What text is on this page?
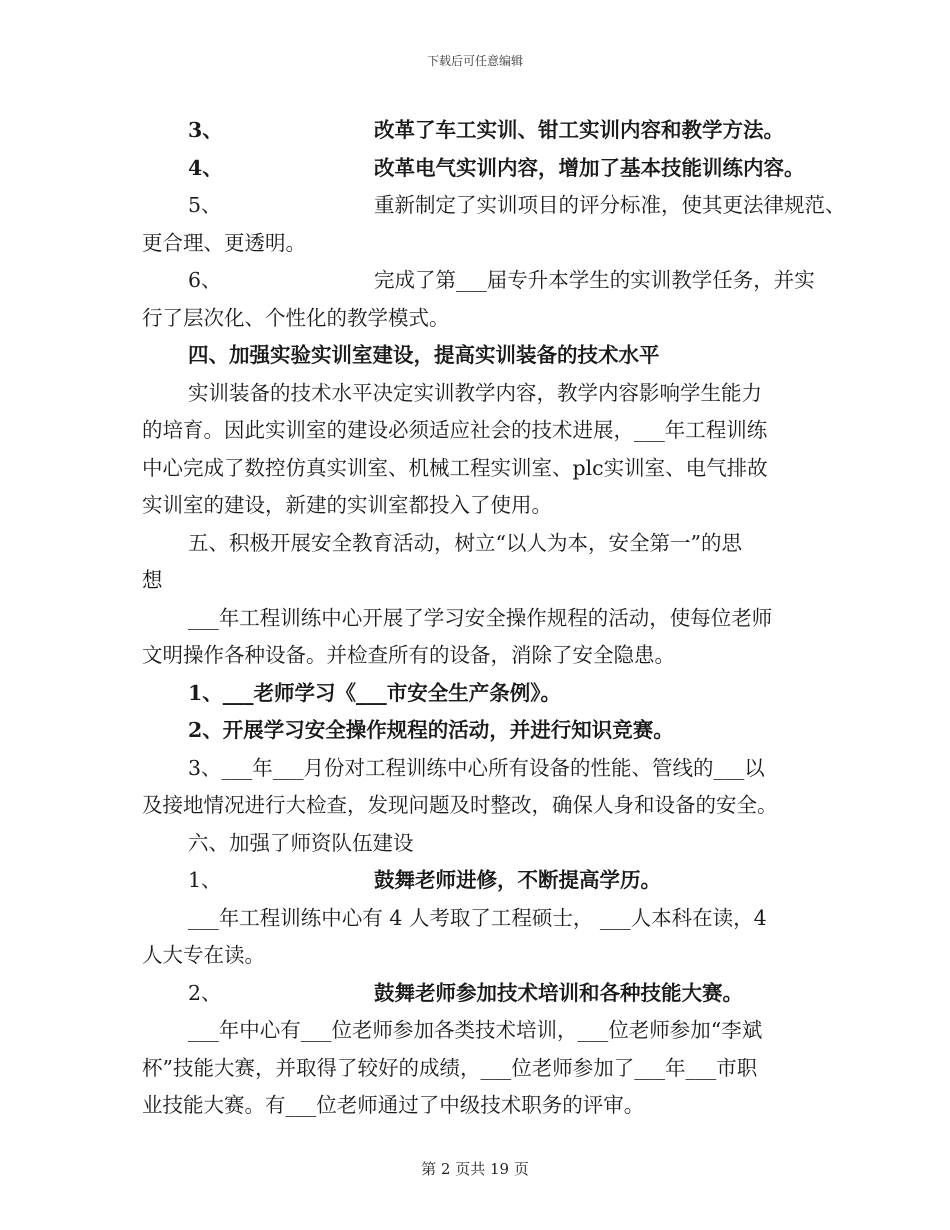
下载后可任意编辑
3、	改革了车工实训、钳工实训内容和教学方法。
4、	改革电气实训内容，增加了基本技能训练内容。
5、	重新制定了实训项目的评分标准，使其更法律规范、
更合理、更透明。
6、	完成了第___届专升本学生的实训教学任务，并实
行了层次化、个性化的教学模式。
四、加强实验实训室建设，提高实训装备的技术水平
实训装备的技术水平决定实训教学内容，教学内容影响学生能力
的培育。因此实训室的建设必须适应社会的技术进展，___年工程训练
中心完成了数控仿真实训室、机械工程实训室、plc实训室、电气排故
实训室的建设，新建的实训室都投入了使用。
五、积极开展安全教育活动，树立“以人为本，安全第一”的思
想
___年工程训练中心开展了学习安全操作规程的活动，使每位老师
文明操作各种设备。并检查所有的设备，消除了安全隐患。
1、___老师学习《___市安全生产条例》。
2、开展学习安全操作规程的活动，并进行知识竞赛。
3、___年___月份对工程训练中心所有设备的性能、管线的___以
及接地情况进行大检查，发现问题及时整改，确保人身和设备的安全。
六、加强了师资队伍建设
1、	鼓舞老师进修，不断提高学历。
___年工程训练中心有 4 人考取了工程硕士， ___人本科在读，4
人大专在读。
2、	鼓舞老师参加技术培训和各种技能大赛。
___年中心有___位老师参加各类技术培训，___位老师参加“李斌
杯”技能大赛，并取得了较好的成绩，___位老师参加了___年___市职
业技能大赛。有___位老师通过了中级技术职务的评审。
第 2 页共 19 页
